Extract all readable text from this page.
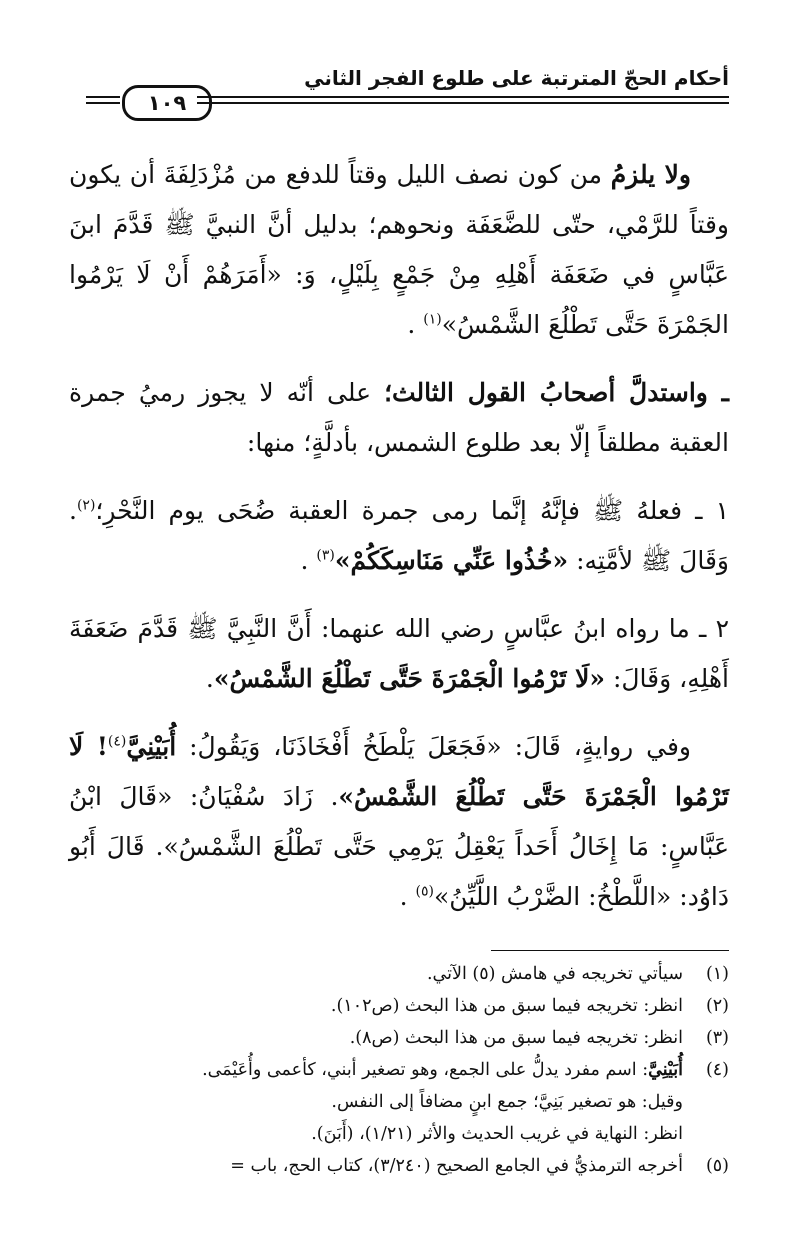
أحكام الحجّ المترتبة على طلوع الفجر الثاني
١٠٩

ولا يلزمُ من كون نصف الليل وقتاً للدفع من مُزْدَلِفَةَ أن يكون وقتاً للرَّمْي، حتّى للضَّعَفَة ونحوهم؛ بدليل أنَّ النبيَّ ﷺ قَدَّمَ ابنَ عَبَّاسٍ في ضَعَفَة أَهْلِهِ مِنْ جَمْعٍ بِلَيْلٍ، وَ: «أَمَرَهُمْ أَنْ لَا يَرْمُوا الجَمْرَةَ حَتَّى تَطْلُعَ الشَّمْسُ»$^{(١)}$ .

ـ واستدلَّ أصحابُ القول الثالث؛ على أنّه لا يجوز رميُ جمرة العقبة مطلقاً إلّا بعد طلوع الشمس، بأدلَّةٍ؛ منها:

١ ـ فعلهُ ﷺ فإنَّهُ إنَّما رمى جمرة العقبة ضُحَى يوم النَّحْرِ؛$^{(٢)}$. وَقَالَ ﷺ لأمَّتِه: «خُذُوا عَنِّي مَنَاسِكَكُمْ»$^{(٣)}$ .

٢ ـ ما رواه ابنُ عبَّاسٍ رضي الله عنهما: أَنَّ النَّبِيَّ ﷺ قَدَّمَ ضَعَفَةَ أَهْلِهِ، وَقَالَ: «لَا تَرْمُوا الْجَمْرَةَ حَتَّى تَطْلُعَ الشَّمْسُ».

وفي روايةٍ، قَالَ: «فَجَعَلَ يَلْطَخُ أَفْخَاذَنَا، وَيَقُولُ: أُبَيْنِيَّ$^{(٤)}$! لَا تَرْمُوا الْجَمْرَةَ حَتَّى تَطْلُعَ الشَّمْسُ». زَادَ سُفْيَانُ: «قَالَ ابْنُ عَبَّاسٍ: مَا إِخَالُ أَحَداً يَعْقِلُ يَرْمِي حَتَّى تَطْلُعَ الشَّمْسُ». قَالَ أَبُو دَاوُد: «اللَّطْخُ: الضَّرْبُ اللَّيِّنُ»$^{(٥)}$ .

(١)
سيأتي تخريجه في هامش (٥) الآتي.
(٢)
انظر: تخريجه فيما سبق من هذا البحث (ص١٠٢).
(٣)
انظر: تخريجه فيما سبق من هذا البحث (ص٨).
(٤)
أُبَيْنِيَّ: اسم مفرد يدلُّ على الجمع، وهو تصغير أبني، كأعمى وأُعَيْمَى.
وقيل: هو تصغير بَنِيَّ؛ جمع ابنٍ مضافاً إلى النفس.
انظر: النهاية في غريب الحديث والأثر (١/٢١)، (أَبَنَ).
(٥)
أخرجه الترمذيُّ في الجامع الصحيح (٣/٢٤٠)، كتاب الحج، باب =
